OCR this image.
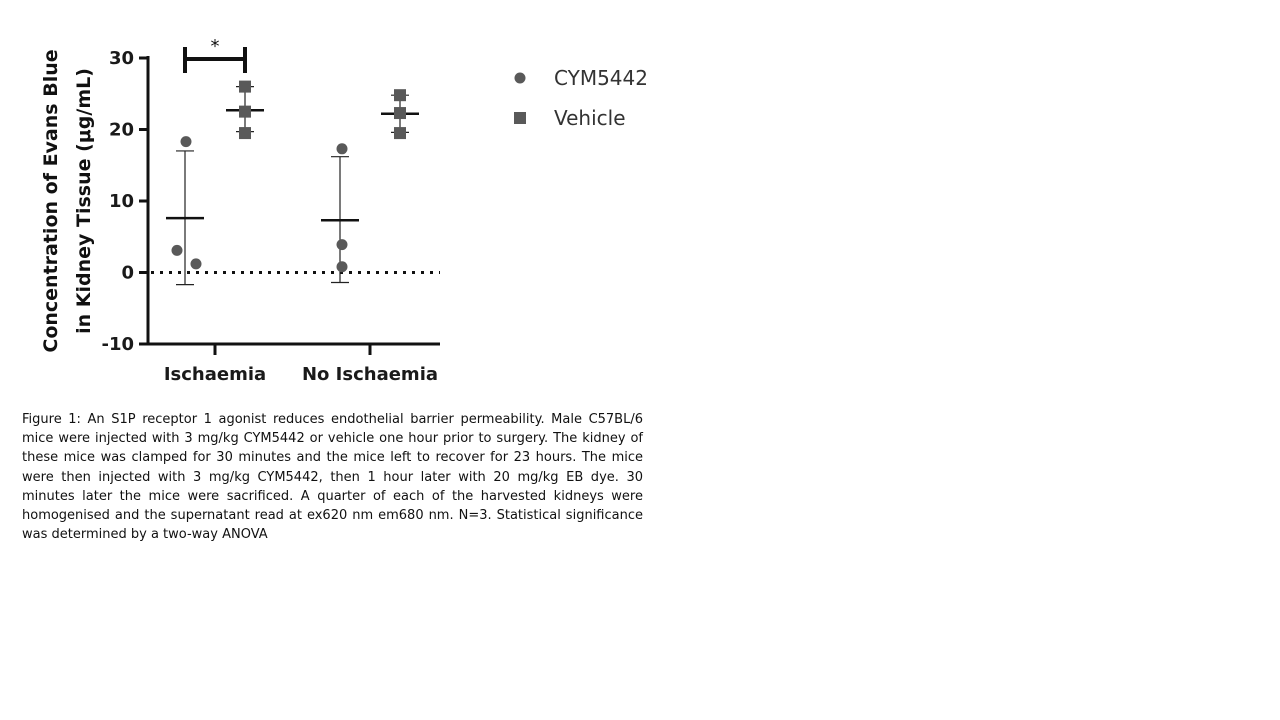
-10
0
10
20
30
Ischaemia No Ischaemia
Concentration of Evans Blue in Kidney Tissue (μg/mL)
*
CYM5442
Vehicle

Figure 1: An S1P receptor 1 agonist reduces endothelial barrier permeability. Male C57BL/6 mice were injected with 3 mg/kg CYM5442 or vehicle one hour prior to surgery. The kidney of these mice was clamped for 30 minutes and the mice left to recover for 23 hours. The mice were then injected with 3 mg/kg CYM5442, then 1 hour later with 20 mg/kg EB dye. 30 minutes later the mice were sacrificed. A quarter of each of the harvested kidneys were homogenised and the supernatant read at ex620 nm em680 nm. N=3. Statistical significance was determined by a two-way ANOVA
